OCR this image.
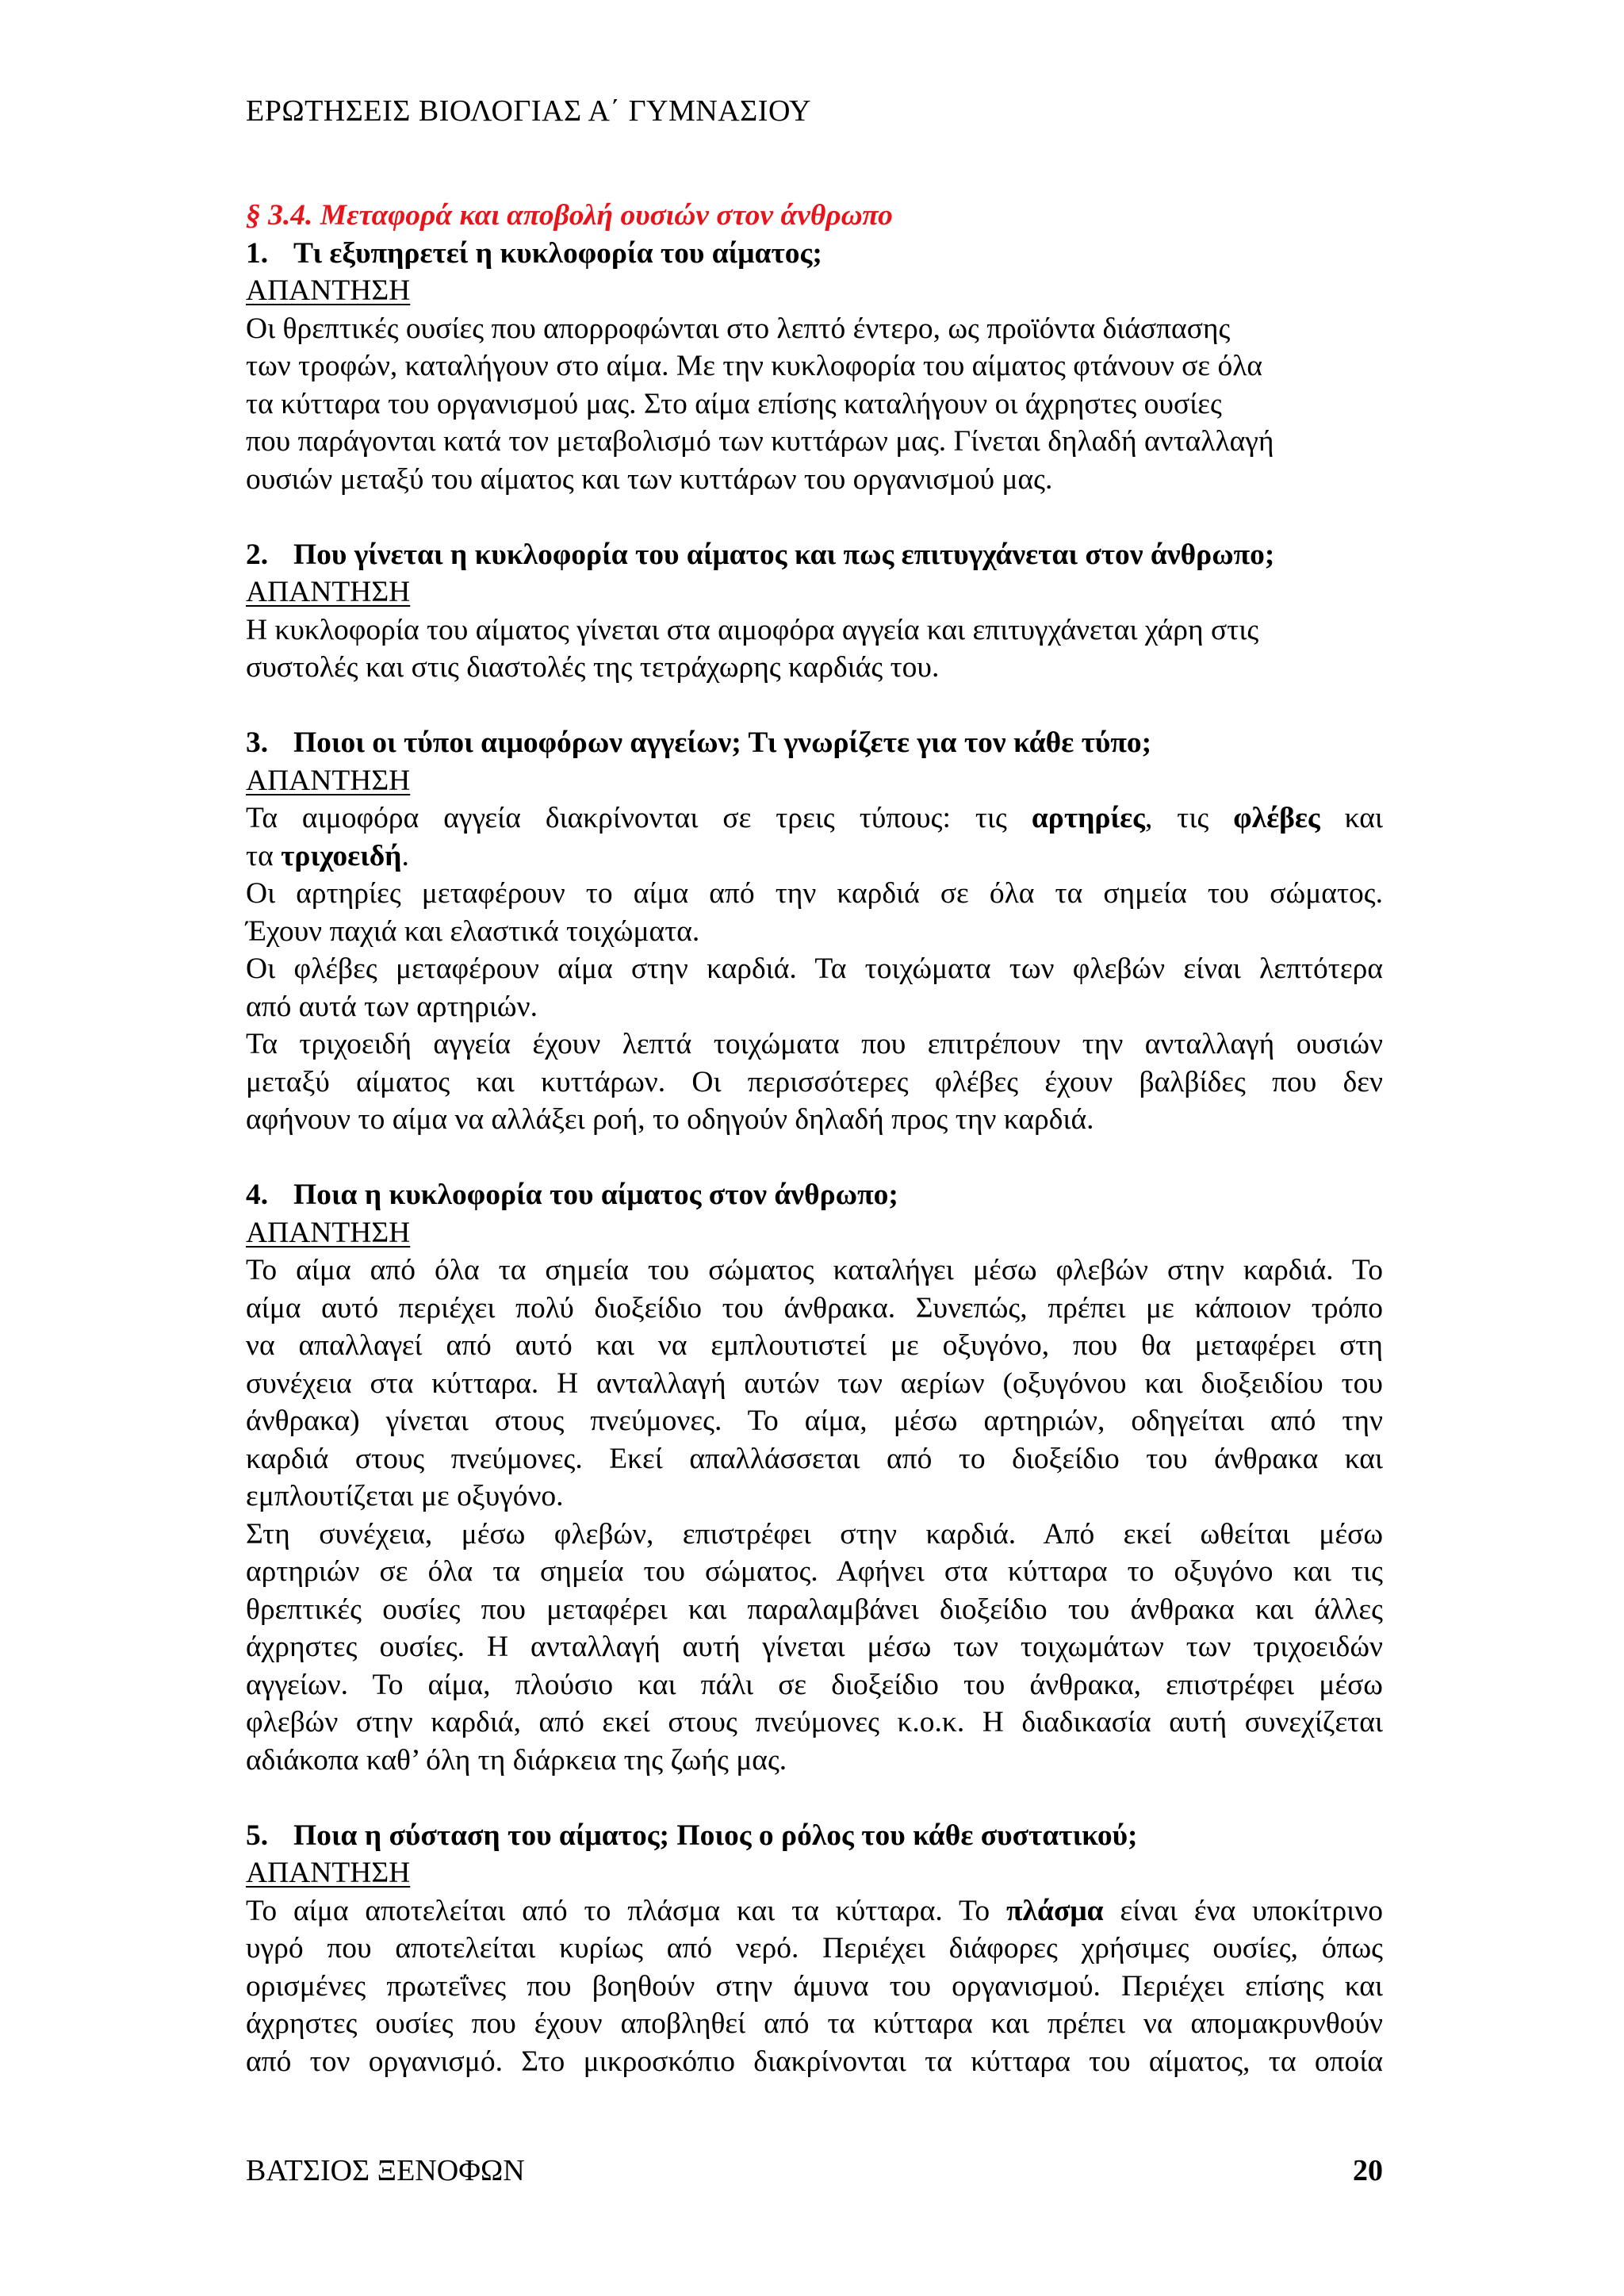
ΕΡΩΤΗΣΕΙΣ ΒΙΟΛΟΓΙΑΣ Α΄ ΓΥΜΝΑΣΙΟΥ
§ 3.4. Μεταφορά και αποβολή ουσιών στον άνθρωπο
1. Τι εξυπηρετεί η κυκλοφορία του αίματος;
ΑΠΑΝΤΗΣΗ
Οι θρεπτικές ουσίες που απορροφώνται στο λεπτό έντερο, ως προϊόντα διάσπασης
των τροφών, καταλήγουν στο αίμα. Με την κυκλοφορία του αίματος φτάνουν σε όλα
τα κύτταρα του οργανισμού μας. Στο αίμα επίσης καταλήγουν οι άχρηστες ουσίες
που παράγονται κατά τον μεταβολισμό των κυττάρων μας. Γίνεται δηλαδή ανταλλαγή
ουσιών μεταξύ του αίματος και των κυττάρων του οργανισμού μας.
2. Που γίνεται η κυκλοφορία του αίματος και πως επιτυγχάνεται στον άνθρωπο;
ΑΠΑΝΤΗΣΗ
Η κυκλοφορία του αίματος γίνεται στα αιμοφόρα αγγεία και επιτυγχάνεται χάρη στις
συστολές και στις διαστολές της τετράχωρης καρδιάς του.
3. Ποιοι οι τύποι αιμοφόρων αγγείων; Τι γνωρίζετε για τον κάθε τύπο;
ΑΠΑΝΤΗΣΗ
Τα αιμοφόρα αγγεία διακρίνονται σε τρεις τύπους: τις αρτηρίες, τις φλέβες και
τα τριχοειδή.
Οι αρτηρίες μεταφέρουν το αίμα από την καρδιά σε όλα τα σημεία του σώματος.
Έχουν παχιά και ελαστικά τοιχώματα.
Οι φλέβες μεταφέρουν αίμα στην καρδιά. Τα τοιχώματα των φλεβών είναι λεπτότερα
από αυτά των αρτηριών.
Τα τριχοειδή αγγεία έχουν λεπτά τοιχώματα που επιτρέπουν την ανταλλαγή ουσιών
μεταξύ αίματος και κυττάρων. Οι περισσότερες φλέβες έχουν βαλβίδες που δεν
αφήνουν το αίμα να αλλάξει ροή, το οδηγούν δηλαδή προς την καρδιά.
4. Ποια η κυκλοφορία του αίματος στον άνθρωπο;
ΑΠΑΝΤΗΣΗ
Το αίμα από όλα τα σημεία του σώματος καταλήγει μέσω φλεβών στην καρδιά. Το
αίμα αυτό περιέχει πολύ διοξείδιο του άνθρακα. Συνεπώς, πρέπει με κάποιον τρόπο
να απαλλαγεί από αυτό και να εμπλουτιστεί με οξυγόνο, που θα μεταφέρει στη
συνέχεια στα κύτταρα. Η ανταλλαγή αυτών των αερίων (οξυγόνου και διοξειδίου του
άνθρακα) γίνεται στους πνεύμονες. Το αίμα, μέσω αρτηριών, οδηγείται από την
καρδιά στους πνεύμονες. Εκεί απαλλάσσεται από το διοξείδιο του άνθρακα και
εμπλουτίζεται με οξυγόνο.
Στη συνέχεια, μέσω φλεβών, επιστρέφει στην καρδιά. Από εκεί ωθείται μέσω
αρτηριών σε όλα τα σημεία του σώματος. Αφήνει στα κύτταρα το οξυγόνο και τις
θρεπτικές ουσίες που μεταφέρει και παραλαμβάνει διοξείδιο του άνθρακα και άλλες
άχρηστες ουσίες. Η ανταλλαγή αυτή γίνεται μέσω των τοιχωμάτων των τριχοειδών
αγγείων. Το αίμα, πλούσιο και πάλι σε διοξείδιο του άνθρακα, επιστρέφει μέσω
φλεβών στην καρδιά, από εκεί στους πνεύμονες κ.ο.κ. Η διαδικασία αυτή συνεχίζεται
αδιάκοπα καθ’ όλη τη διάρκεια της ζωής μας.
5. Ποια η σύσταση του αίματος; Ποιος ο ρόλος του κάθε συστατικού;
ΑΠΑΝΤΗΣΗ
Το αίμα αποτελείται από το πλάσμα και τα κύτταρα. Το πλάσμα είναι ένα υποκίτρινο
υγρό που αποτελείται κυρίως από νερό. Περιέχει διάφορες χρήσιμες ουσίες, όπως
ορισμένες πρωτεΐνες που βοηθούν στην άμυνα του οργανισμού. Περιέχει επίσης και
άχρηστες ουσίες που έχουν αποβληθεί από τα κύτταρα και πρέπει να απομακρυνθούν
από τον οργανισμό. Στο μικροσκόπιο διακρίνονται τα κύτταρα του αίματος, τα οποία
ΒΑΤΣΙΟΣ ΞΕΝΟΦΩΝ	20
